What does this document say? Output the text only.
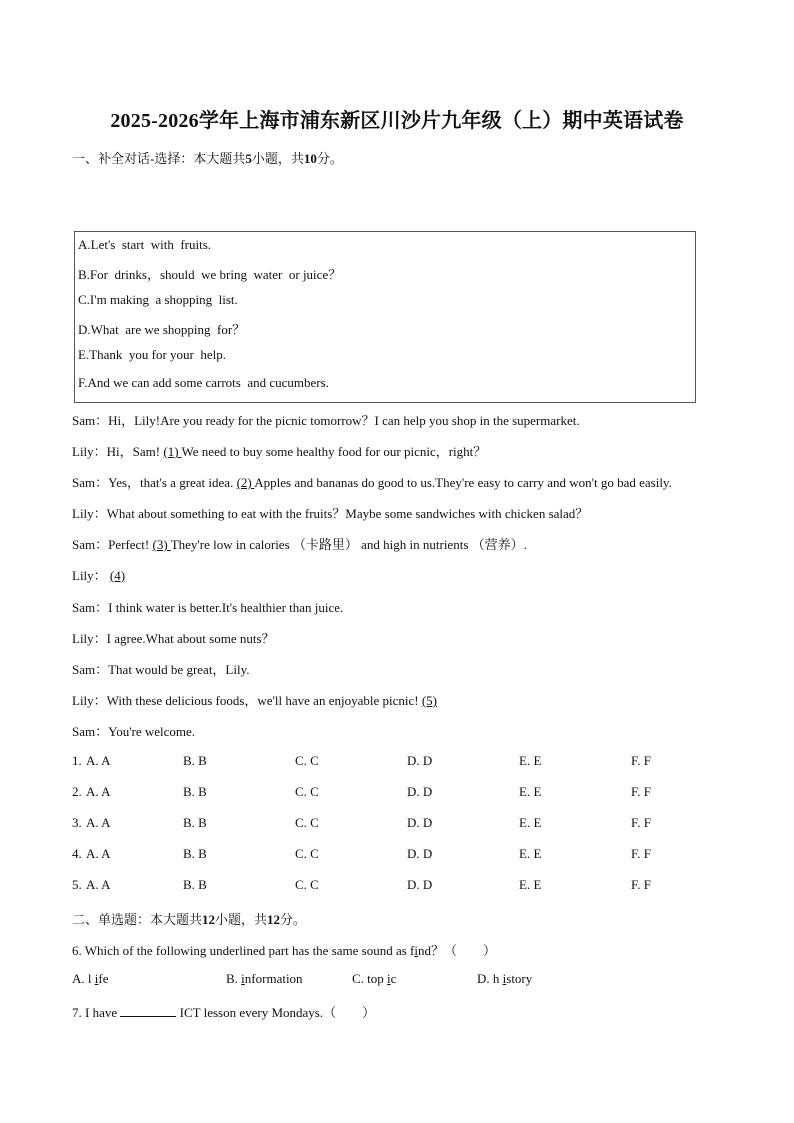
2025-2026学年上海市浦东新区川沙片九年级（上）期中英语试卷
一、补全对话-选择：本大题共5小题，共10分。
A.Let's  start  with  fruits.
B.For  drinks，should  we bring  water  or juice？
C.I'm making  a shopping  list.
D.What  are we shopping  for？
E.Thank  you for your  help.
F.And we can add some carrots  and cucumbers.
Sam：Hi，Lily!Are you ready for the picnic tomorrow？I can help you shop in the supermarket.
Lily：Hi，Sam! (1) We need to buy some healthy food for our picnic，right？
Sam：Yes，that's a great idea. (2) Apples and bananas do good to us.They're easy to carry and won't go bad easily.
Lily：What about something to eat with the fruits？Maybe some sandwiches with chicken salad？
Sam：Perfect! (3) They're low in calories （卡路里） and high in nutrients （营养）.
Lily： (4)
Sam：I think water is better.It's healthier than juice.
Lily：I agree.What about some nuts？
Sam：That would be great，Lily.
Lily：With these delicious foods，we'll have an enjoyable picnic! (5)
Sam：You're welcome.
1. A. A	B. B	C. C	D. D	E. E	F. F
2. A. A	B. B	C. C	D. D	E. E	F. F
3. A. A	B. B	C. C	D. D	E. E	F. F
4. A. A	B. B	C. C	D. D	E. E	F. F
5. A. A	B. B	C. C	D. D	E. E	F. F
二、单选题：本大题共12小题，共12分。
6. Which of the following underlined part has the same sound as find？（　　）
A. l ife	B. information	C. top ic	D. h istory
7. I have	ICT lesson every Mondays.（　　）
